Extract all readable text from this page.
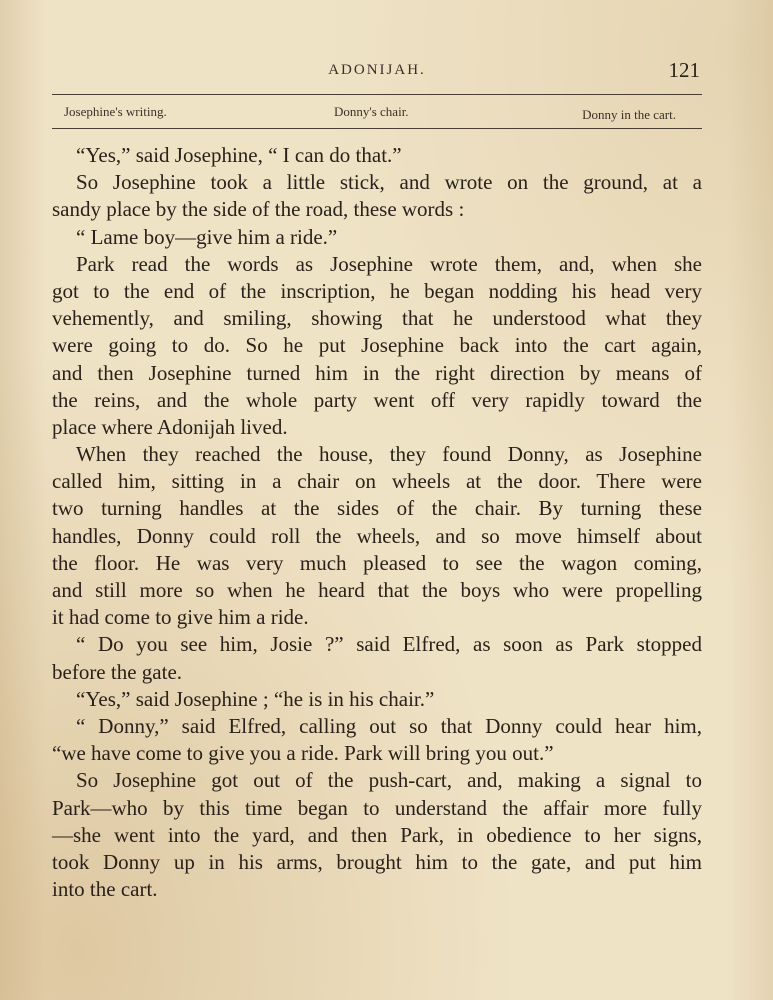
ADONIJAH.	121
Josephine's writing.	Donny's chair.	Donny in the cart.
“Yes,” said Josephine, “ I can do that.”
So Josephine took a little stick, and wrote on the ground, at a
sandy place by the side of the road, these words :
“ Lame boy—give him a ride.”
Park read the words as Josephine wrote them, and, when she
got to the end of the inscription, he began nodding his head very
vehemently, and smiling, showing that he understood what they
were going to do. So he put Josephine back into the cart again,
and then Josephine turned him in the right direction by means of
the reins, and the whole party went off very rapidly toward the
place where Adonijah lived.
When they reached the house, they found Donny, as Josephine
called him, sitting in a chair on wheels at the door. There were
two turning handles at the sides of the chair. By turning these
handles, Donny could roll the wheels, and so move himself about
the floor. He was very much pleased to see the wagon coming,
and still more so when he heard that the boys who were propelling
it had come to give him a ride.
“ Do you see him, Josie ?” said Elfred, as soon as Park stopped
before the gate.
“Yes,” said Josephine ; “he is in his chair.”
“ Donny,” said Elfred, calling out so that Donny could hear him,
“we have come to give you a ride. Park will bring you out.”
So Josephine got out of the push-cart, and, making a signal to
Park—who by this time began to understand the affair more fully
—she went into the yard, and then Park, in obedience to her signs,
took Donny up in his arms, brought him to the gate, and put him
into the cart.
